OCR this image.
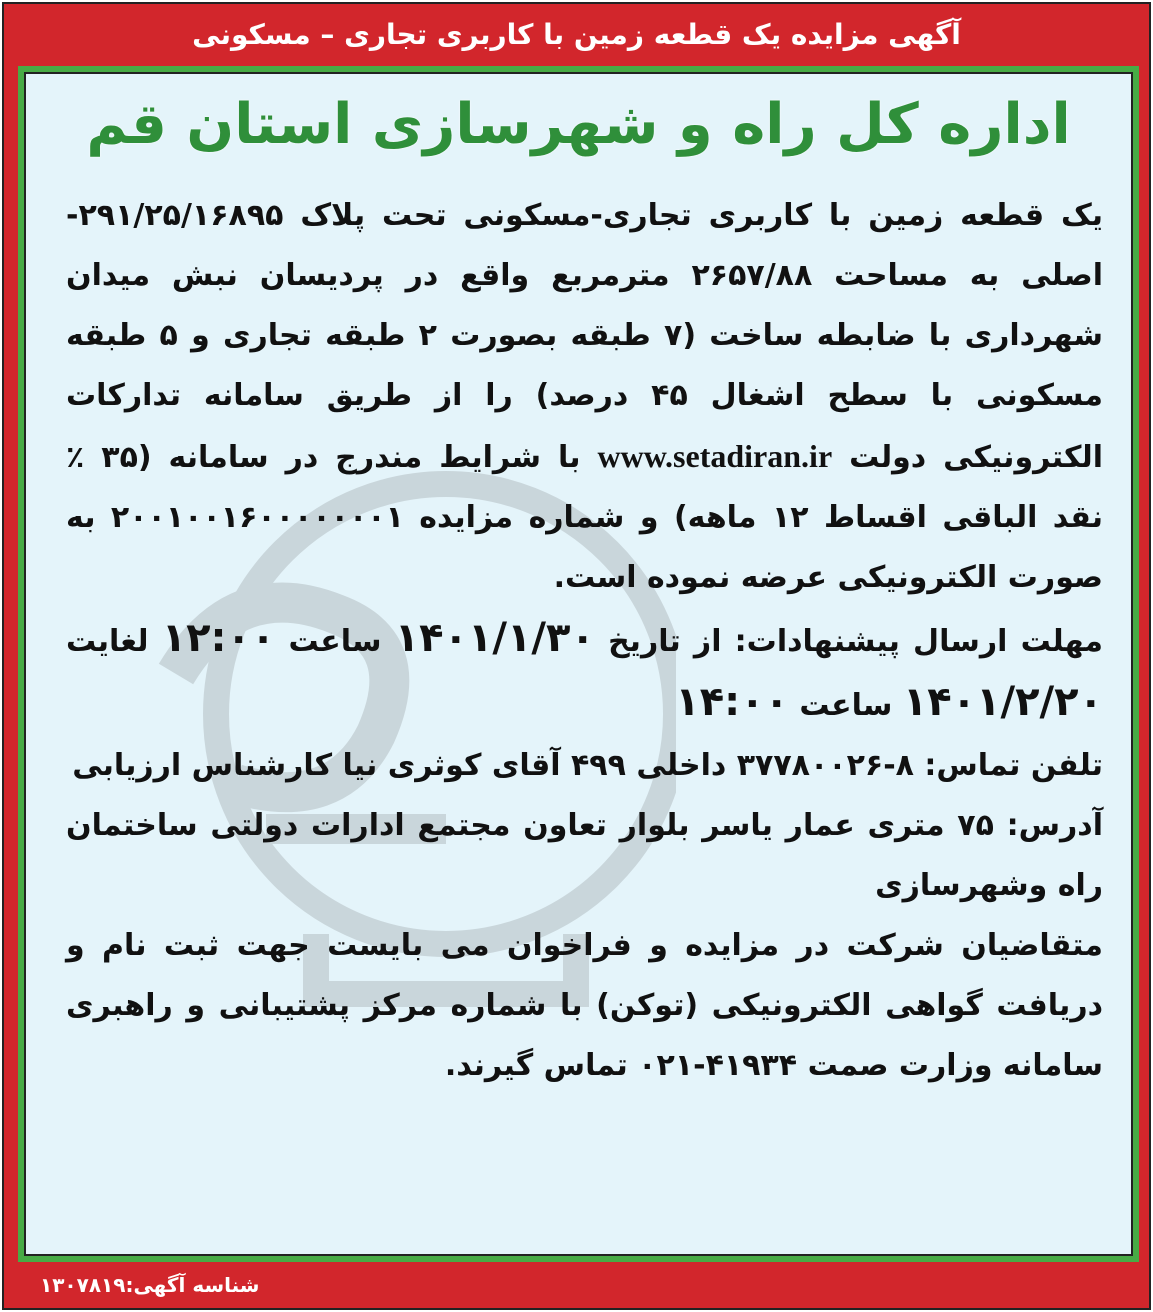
آگهی مزایده یک قطعه زمین با کاربری تجاری – مسکونی
اداره کل راه و شهرسازی استان قم

یک قطعه زمین با کاربری تجاری-مسکونی تحت پلاک ۲۹۱/۲۵/۱۶۸۹۵- اصلی به مساحت ۲۶۵۷/۸۸ مترمربع واقع در پردیسان نبش میدان شهرداری با ضابطه ساخت (۷ طبقه بصورت ۲ طبقه تجاری و ۵ طبقه مسکونی با سطح اشغال ۴۵ درصد) را از طریق سامانه تدارکات الکترونیکی دولت www.setadiran.ir با شرایط مندرج در سامانه (۳۵ ٪ نقد الباقی اقساط ۱۲ ماهه) و شماره مزایده ۲۰۰۱۰۰۱۶۰۰۰۰۰۰۰۱ به صورت الکترونیکی عرضه نموده است.

مهلت ارسال پیشنهادات: از تاریخ ۱۴۰۱/۱/۳۰ ساعت ۱۲:۰۰ لغایت ۱۴۰۱/۲/۲۰ ساعت ۱۴:۰۰

تلفن تماس: ۸-۳۷۷۸۰۰۲۶ داخلی ۴۹۹ آقای کوثری نیا کارشناس ارزیابی

آدرس: ۷۵ متری عمار یاسر بلوار تعاون مجتمع ادارات دولتی ساختمان راه وشهرسازی

متقاضیان شرکت در مزایده و فراخوان می بایست جهت ثبت نام و دریافت گواهی الکترونیکی (توکن) با شماره مرکز پشتیبانی و راهبری سامانه وزارت صمت ۴۱۹۳۴-۰۲۱ تماس گیرند.

شناسه آگهی:۱۳۰۷۸۱۹
